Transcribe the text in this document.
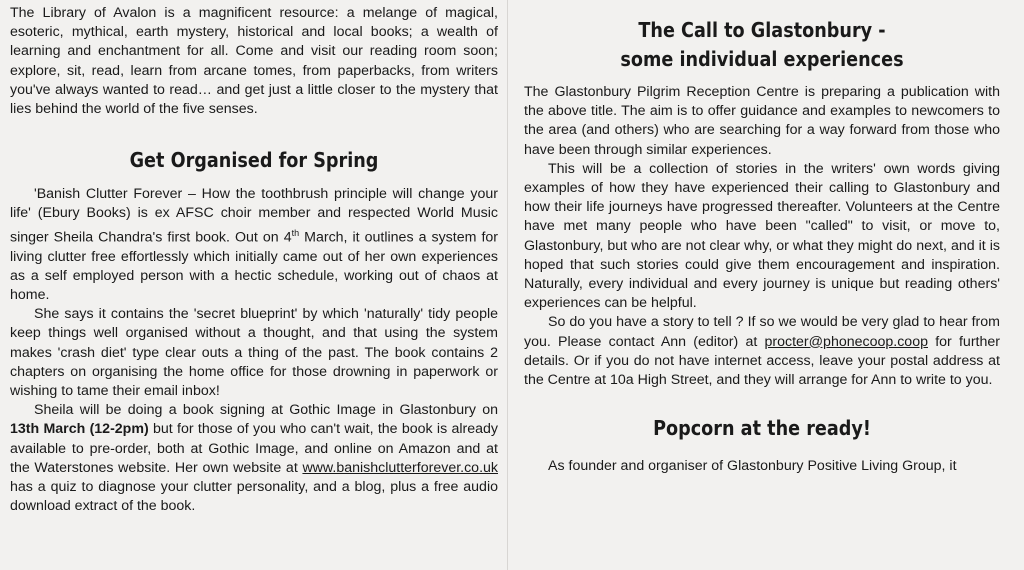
The Library of Avalon is a magnificent resource: a melange of magical, esoteric, mythical, earth mystery, historical and local books; a wealth of learning and enchantment for all. Come and visit our reading room soon; explore, sit, read, learn from arcane tomes, from paperbacks, from writers you've always wanted to read… and get just a little closer to the mystery that lies behind the world of the five senses.

Get Organised for Spring

'Banish Clutter Forever – How the toothbrush principle will change your life' (Ebury Books) is ex AFSC choir member and respected World Music singer Sheila Chandra's first book. Out on 4th March, it outlines a system for living clutter free effortlessly which initially came out of her own experiences as a self employed person with a hectic schedule, working out of chaos at home.

She says it contains the 'secret blueprint' by which 'naturally' tidy people keep things well organised without a thought, and that using the system makes 'crash diet' type clear outs a thing of the past. The book contains 2 chapters on organising the home office for those drowning in paperwork or wishing to tame their email inbox!

Sheila will be doing a book signing at Gothic Image in Glastonbury on 13th March (12-2pm) but for those of you who can't wait, the book is already available to pre-order, both at Gothic Image, and online on Amazon and at the Waterstones website. Her own website at www.banishclutterforever.co.uk has a quiz to diagnose your clutter personality, and a blog, plus a free audio download extract of the book.

The Call to Glastonbury -
some individual experiences

The Glastonbury Pilgrim Reception Centre is preparing a publication with the above title. The aim is to offer guidance and examples to newcomers to the area (and others) who are searching for a way forward from those who have been through similar experiences.

This will be a collection of stories in the writers' own words giving examples of how they have experienced their calling to Glastonbury and how their life journeys have progressed thereafter. Volunteers at the Centre have met many people who have been "called" to visit, or move to, Glastonbury, but who are not clear why, or what they might do next, and it is hoped that such stories could give them encouragement and inspiration. Naturally, every individual and every journey is unique but reading others' experiences can be helpful.

So do you have a story to tell ? If so we would be very glad to hear from you. Please contact Ann (editor) at procter@phonecoop.coop for further details. Or if you do not have internet access, leave your postal address at the Centre at 10a High Street, and they will arrange for Ann to write to you.

Popcorn at the ready!

As founder and organiser of Glastonbury Positive Living Group, it
